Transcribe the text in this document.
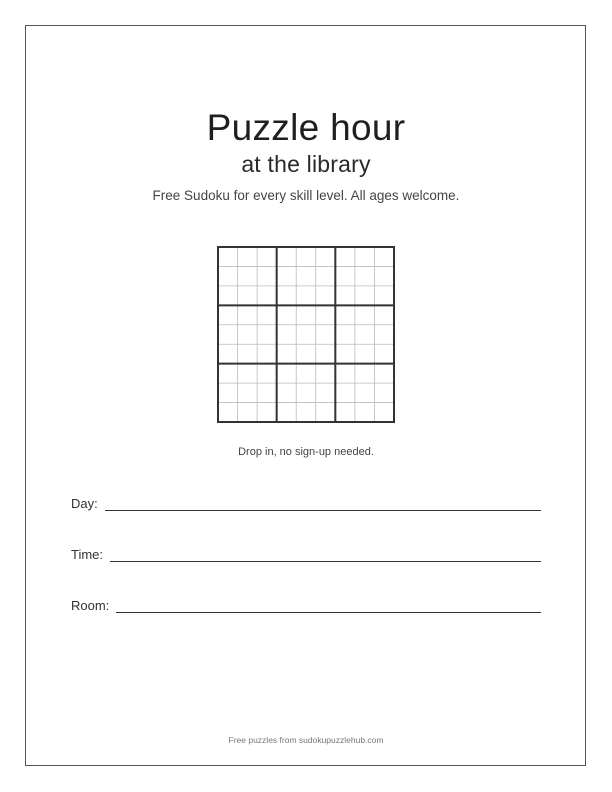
Puzzle hour
at the library
Free Sudoku for every skill level. All ages welcome.
Drop in, no sign-up needed.
Day:
Time:
Room:
Free puzzles from sudokupuzzlehub.com
